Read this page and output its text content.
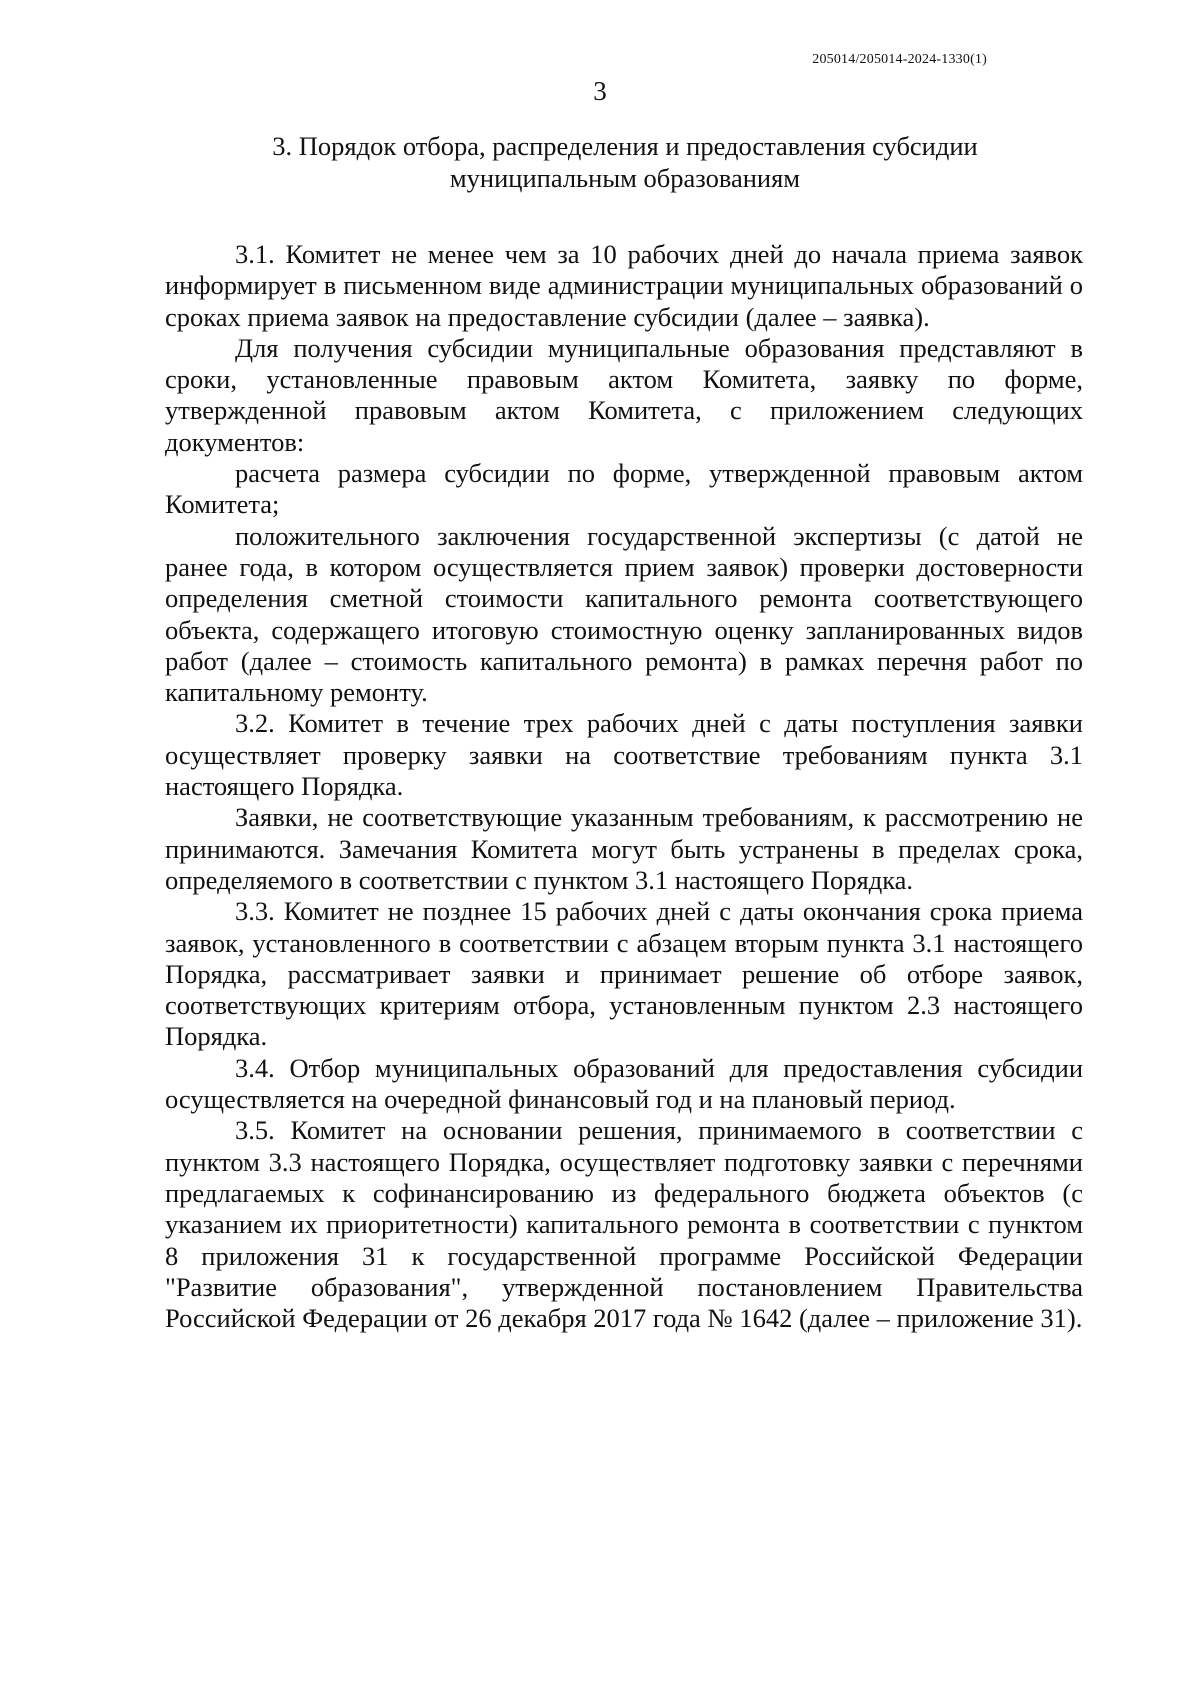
205014/205014-2024-1330(1)
3
3. Порядок отбора, распределения и предоставления субсидии
муниципальным образованиям

3.1. Комитет не менее чем за 10 рабочих дней до начала приема заявок информирует в письменном виде администрации муниципальных образований о сроках приема заявок на предоставление субсидии (далее – заявка).

Для получения субсидии муниципальные образования представляют в сроки, установленные правовым актом Комитета, заявку по форме, утвержденной правовым актом Комитета, с приложением следующих документов:

расчета размера субсидии по форме, утвержденной правовым актом Комитета;

положительного заключения государственной экспертизы (с датой не ранее года, в котором осуществляется прием заявок) проверки достоверности определения сметной стоимости капитального ремонта соответствующего объекта, содержащего итоговую стоимостную оценку запланированных видов работ (далее – стоимость капитального ремонта) в рамках перечня работ по капитальному ремонту.

3.2. Комитет в течение трех рабочих дней с даты поступления заявки осуществляет проверку заявки на соответствие требованиям пункта 3.1 настоящего Порядка.

Заявки, не соответствующие указанным требованиям, к рассмотрению не принимаются. Замечания Комитета могут быть устранены в пределах срока, определяемого в соответствии с пунктом 3.1 настоящего Порядка.

3.3. Комитет не позднее 15 рабочих дней с даты окончания срока приема заявок, установленного в соответствии с абзацем вторым пункта 3.1 настоящего Порядка, рассматривает заявки и принимает решение об отборе заявок, соответствующих критериям отбора, установленным пунктом 2.3 настоящего Порядка.

3.4. Отбор муниципальных образований для предоставления субсидии осуществляется на очередной финансовый год и на плановый период.

3.5. Комитет на основании решения, принимаемого в соответствии с пунктом 3.3 настоящего Порядка, осуществляет подготовку заявки с перечнями предлагаемых к софинансированию из федерального бюджета объектов (с указанием их приоритетности) капитального ремонта в соответствии с пунктом 8 приложения 31 к государственной программе Российской Федерации "Развитие образования", утвержденной постановлением Правительства Российской Федерации от 26 декабря 2017 года № 1642 (далее – приложение 31).
